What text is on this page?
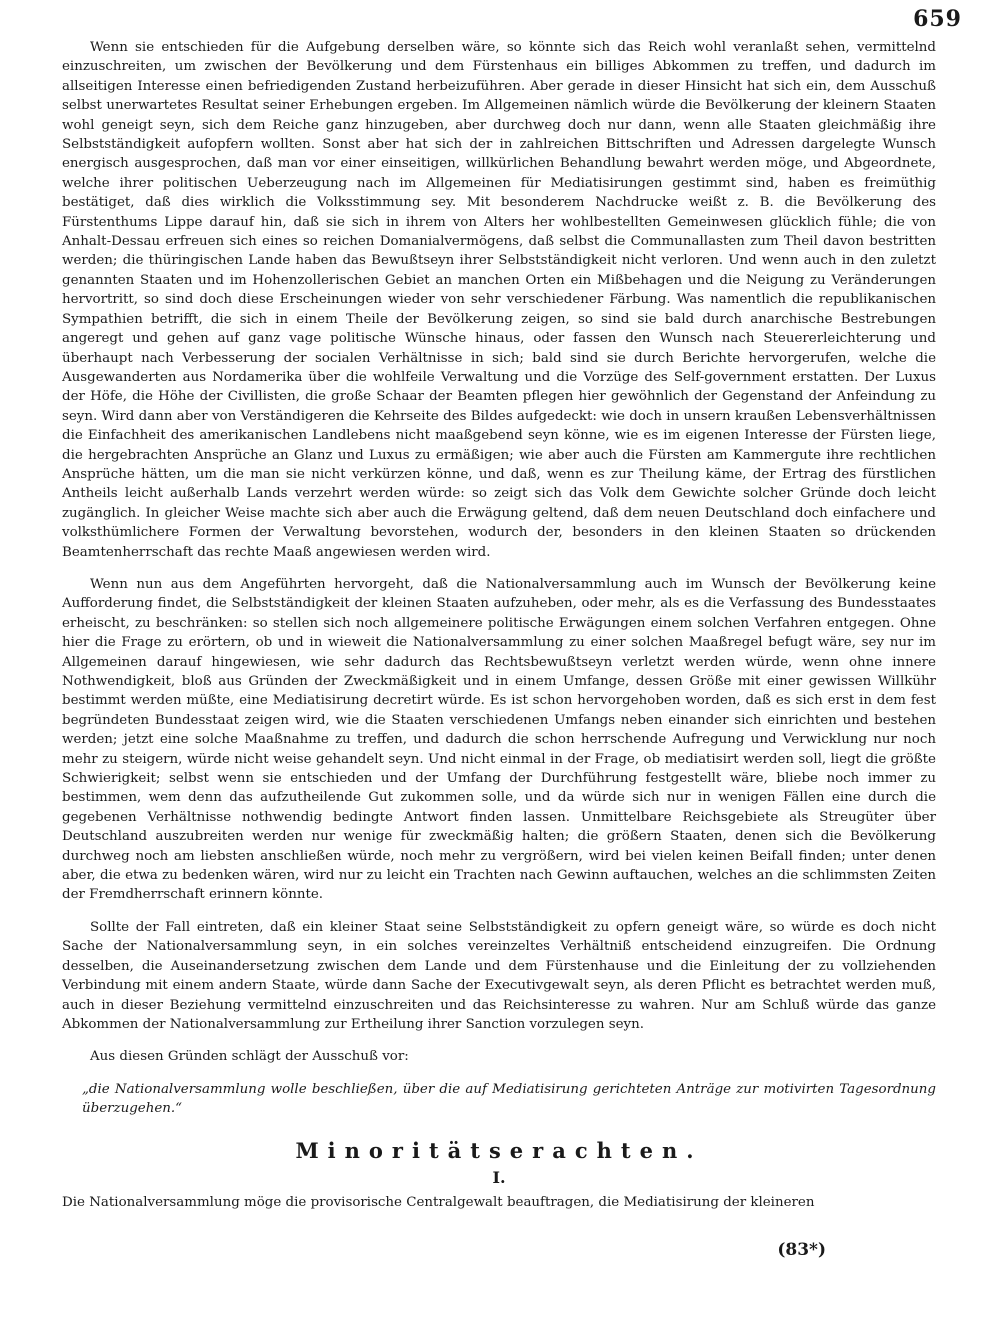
659

Wenn sie entschieden für die Aufgebung derselben wäre, so könnte sich das Reich wohl veranlaßt sehen, vermittelnd einzuschreiten, um zwischen der Bevölkerung und dem Fürstenhaus ein billiges Abkommen zu treffen, und dadurch im allseitigen Interesse einen befriedigenden Zustand herbeizuführen. Aber gerade in dieser Hinsicht hat sich ein, dem Ausschuß selbst unerwartetes Resultat seiner Erhebungen ergeben. Im Allgemeinen nämlich würde die Bevölkerung der kleinern Staaten wohl geneigt seyn, sich dem Reiche ganz hinzugeben, aber durchweg doch nur dann, wenn alle Staaten gleichmäßig ihre Selbstständigkeit aufopfern wollten. Sonst aber hat sich der in zahlreichen Bittschriften und Adressen dargelegte Wunsch energisch ausgesprochen, daß man vor einer einseitigen, willkürlichen Behandlung bewahrt werden möge, und Abgeordnete, welche ihrer politischen Ueberzeugung nach im Allgemeinen für Mediatisirungen gestimmt sind, haben es freimüthig bestätiget, daß dies wirklich die Volksstimmung sey. Mit besonderem Nachdrucke weißt z. B. die Bevölkerung des Fürstenthums Lippe darauf hin, daß sie sich in ihrem von Alters her wohlbestellten Gemeinwesen glücklich fühle; die von Anhalt-Dessau erfreuen sich eines so reichen Domanialvermögens, daß selbst die Communallasten zum Theil davon bestritten werden; die thüringischen Lande haben das Bewußtseyn ihrer Selbstständigkeit nicht verloren. Und wenn auch in den zuletzt genannten Staaten und im Hohenzollerischen Gebiet an manchen Orten ein Mißbehagen und die Neigung zu Veränderungen hervortritt, so sind doch diese Erscheinungen wieder von sehr verschiedener Färbung. Was namentlich die republikanischen Sympathien betrifft, die sich in einem Theile der Bevölkerung zeigen, so sind sie bald durch anarchische Bestrebungen angeregt und gehen auf ganz vage politische Wünsche hinaus, oder fassen den Wunsch nach Steuererleichterung und überhaupt nach Verbesserung der socialen Verhältnisse in sich; bald sind sie durch Berichte hervorgerufen, welche die Ausgewanderten aus Nordamerika über die wohlfeile Verwaltung und die Vorzüge des Self-government erstatten. Der Luxus der Höfe, die Höhe der Civillisten, die große Schaar der Beamten pflegen hier gewöhnlich der Gegenstand der Anfeindung zu seyn. Wird dann aber von Verständigeren die Kehrseite des Bildes aufgedeckt: wie doch in unsern kraußen Lebensverhältnissen die Einfachheit des amerikanischen Landlebens nicht maaßgebend seyn könne, wie es im eigenen Interesse der Fürsten liege, die hergebrachten Ansprüche an Glanz und Luxus zu ermäßigen; wie aber auch die Fürsten am Kammergute ihre rechtlichen Ansprüche hätten, um die man sie nicht verkürzen könne, und daß, wenn es zur Theilung käme, der Ertrag des fürstlichen Antheils leicht außerhalb Lands verzehrt werden würde: so zeigt sich das Volk dem Gewichte solcher Gründe doch leicht zugänglich. In gleicher Weise machte sich aber auch die Erwägung geltend, daß dem neuen Deutschland doch einfachere und volksthümlichere Formen der Verwaltung bevorstehen, wodurch der, besonders in den kleinen Staaten so drückenden Beamtenherrschaft das rechte Maaß angewiesen werden wird.

Wenn nun aus dem Angeführten hervorgeht, daß die Nationalversammlung auch im Wunsch der Bevölkerung keine Aufforderung findet, die Selbstständigkeit der kleinen Staaten aufzuheben, oder mehr, als es die Verfassung des Bundesstaates erheischt, zu beschränken: so stellen sich noch allgemeinere politische Erwägungen einem solchen Verfahren entgegen. Ohne hier die Frage zu erörtern, ob und in wieweit die Nationalversammlung zu einer solchen Maaßregel befugt wäre, sey nur im Allgemeinen darauf hingewiesen, wie sehr dadurch das Rechtsbewußtseyn verletzt werden würde, wenn ohne innere Nothwendigkeit, bloß aus Gründen der Zweckmäßigkeit und in einem Umfange, dessen Größe mit einer gewissen Willkühr bestimmt werden müßte, eine Mediatisirung decretirt würde. Es ist schon hervorgehoben worden, daß es sich erst in dem fest begründeten Bundesstaat zeigen wird, wie die Staaten verschiedenen Umfangs neben einander sich einrichten und bestehen werden; jetzt eine solche Maaßnahme zu treffen, und dadurch die schon herrschende Aufregung und Verwicklung nur noch mehr zu steigern, würde nicht weise gehandelt seyn. Und nicht einmal in der Frage, ob mediatisirt werden soll, liegt die größte Schwierigkeit; selbst wenn sie entschieden und der Umfang der Durchführung festgestellt wäre, bliebe noch immer zu bestimmen, wem denn das aufzutheilende Gut zukommen solle, und da würde sich nur in wenigen Fällen eine durch die gegebenen Verhältnisse nothwendig bedingte Antwort finden lassen. Unmittelbare Reichsgebiete als Streugüter über Deutschland auszubreiten werden nur wenige für zweckmäßig halten; die größern Staaten, denen sich die Bevölkerung durchweg noch am liebsten anschließen würde, noch mehr zu vergrößern, wird bei vielen keinen Beifall finden; unter denen aber, die etwa zu bedenken wären, wird nur zu leicht ein Trachten nach Gewinn auftauchen, welches an die schlimmsten Zeiten der Fremdherrschaft erinnern könnte.

Sollte der Fall eintreten, daß ein kleiner Staat seine Selbstständigkeit zu opfern geneigt wäre, so würde es doch nicht Sache der Nationalversammlung seyn, in ein solches vereinzeltes Verhältniß entscheidend einzugreifen. Die Ordnung desselben, die Auseinandersetzung zwischen dem Lande und dem Fürstenhause und die Einleitung der zu vollziehenden Verbindung mit einem andern Staate, würde dann Sache der Executivgewalt seyn, als deren Pflicht es betrachtet werden muß, auch in dieser Beziehung vermittelnd einzuschreiten und das Reichsinteresse zu wahren. Nur am Schluß würde das ganze Abkommen der Nationalversammlung zur Ertheilung ihrer Sanction vorzulegen seyn.

Aus diesen Gründen schlägt der Ausschuß vor:

„die Nationalversammlung wolle beschließen, über die auf Mediatisirung gerichteten Anträge zur motivirten Tagesordnung überzugehen.“

Minoritätserachten.
I.

Die Nationalversammlung möge die provisorische Centralgewalt beauftragen, die Mediatisirung der kleineren

(83*)
